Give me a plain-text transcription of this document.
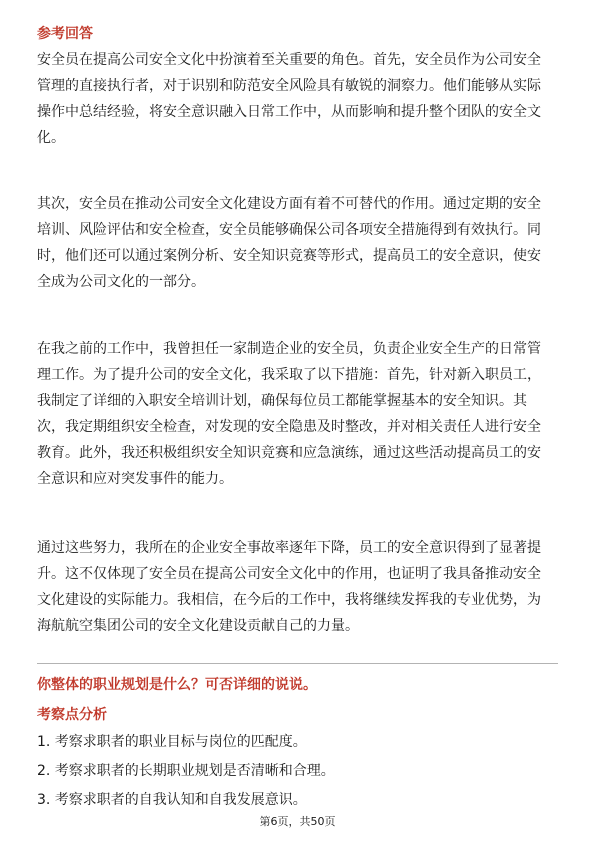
参考回答
安全员在提高公司安全文化中扮演着至关重要的角色。首先，安全员作为公司安全
管理的直接执行者，对于识别和防范安全风险具有敏锐的洞察力。他们能够从实际
操作中总结经验，将安全意识融入日常工作中，从而影响和提升整个团队的安全文
化。
其次，安全员在推动公司安全文化建设方面有着不可替代的作用。通过定期的安全
培训、风险评估和安全检查，安全员能够确保公司各项安全措施得到有效执行。同
时，他们还可以通过案例分析、安全知识竞赛等形式，提高员工的安全意识，使安
全成为公司文化的一部分。
在我之前的工作中，我曾担任一家制造企业的安全员，负责企业安全生产的日常管
理工作。为了提升公司的安全文化，我采取了以下措施：首先，针对新入职员工，
我制定了详细的入职安全培训计划，确保每位员工都能掌握基本的安全知识。其
次，我定期组织安全检查，对发现的安全隐患及时整改，并对相关责任人进行安全
教育。此外，我还积极组织安全知识竞赛和应急演练，通过这些活动提高员工的安
全意识和应对突发事件的能力。
通过这些努力，我所在的企业安全事故率逐年下降，员工的安全意识得到了显著提
升。这不仅体现了安全员在提高公司安全文化中的作用，也证明了我具备推动安全
文化建设的实际能力。我相信，在今后的工作中，我将继续发挥我的专业优势，为
海航航空集团公司的安全文化建设贡献自己的力量。
你整体的职业规划是什么？可否详细的说说。
考察点分析
1. 考察求职者的职业目标与岗位的匹配度。
2. 考察求职者的长期职业规划是否清晰和合理。
3. 考察求职者的自我认知和自我发展意识。
第6页，共50页
